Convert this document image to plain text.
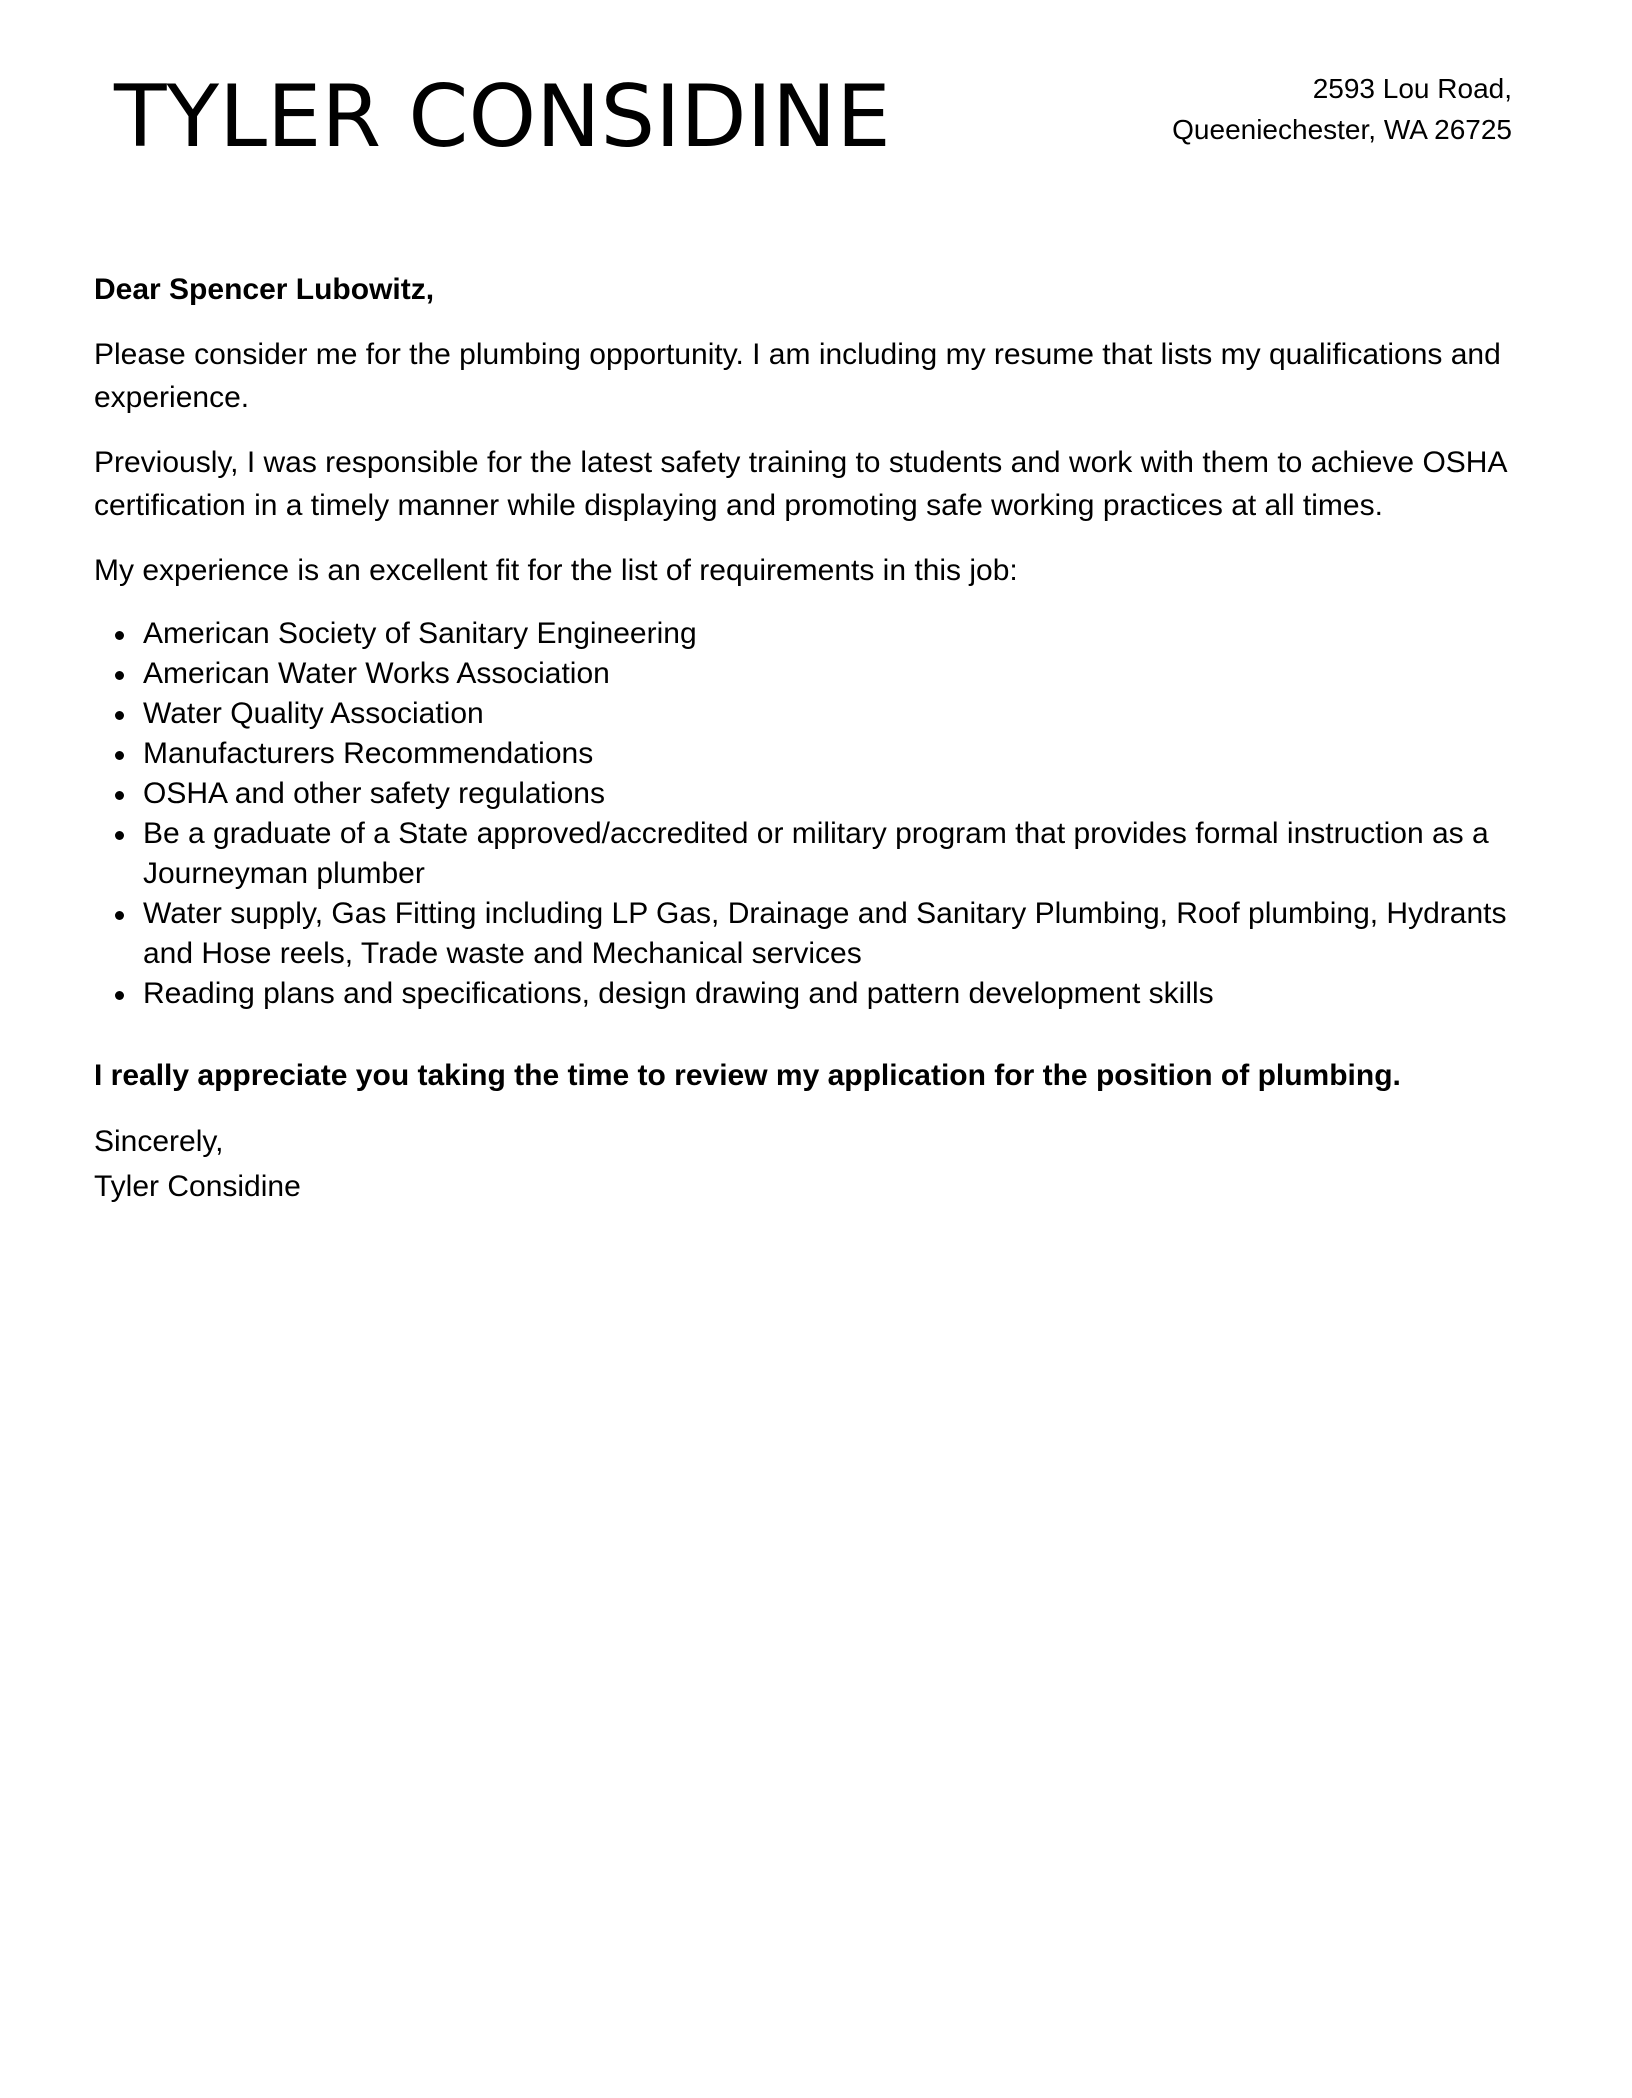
TYLER CONSIDINE	2593 Lou Road,
Queeniechester, WA 26725

Dear Spencer Lubowitz,

Please consider me for the plumbing opportunity. I am including my resume that lists my qualifications and experience.

Previously, I was responsible for the latest safety training to students and work with them to achieve OSHA certification in a timely manner while displaying and promoting safe working practices at all times.

My experience is an excellent fit for the list of requirements in this job:

American Society of Sanitary Engineering
American Water Works Association
Water Quality Association
Manufacturers Recommendations
OSHA and other safety regulations
Be a graduate of a State approved/accredited or military program that provides formal instruction as a Journeyman plumber
Water supply, Gas Fitting including LP Gas, Drainage and Sanitary Plumbing, Roof plumbing, Hydrants and Hose reels, Trade waste and Mechanical services
Reading plans and specifications, design drawing and pattern development skills

I really appreciate you taking the time to review my application for the position of plumbing.

Sincerely,
Tyler Considine
